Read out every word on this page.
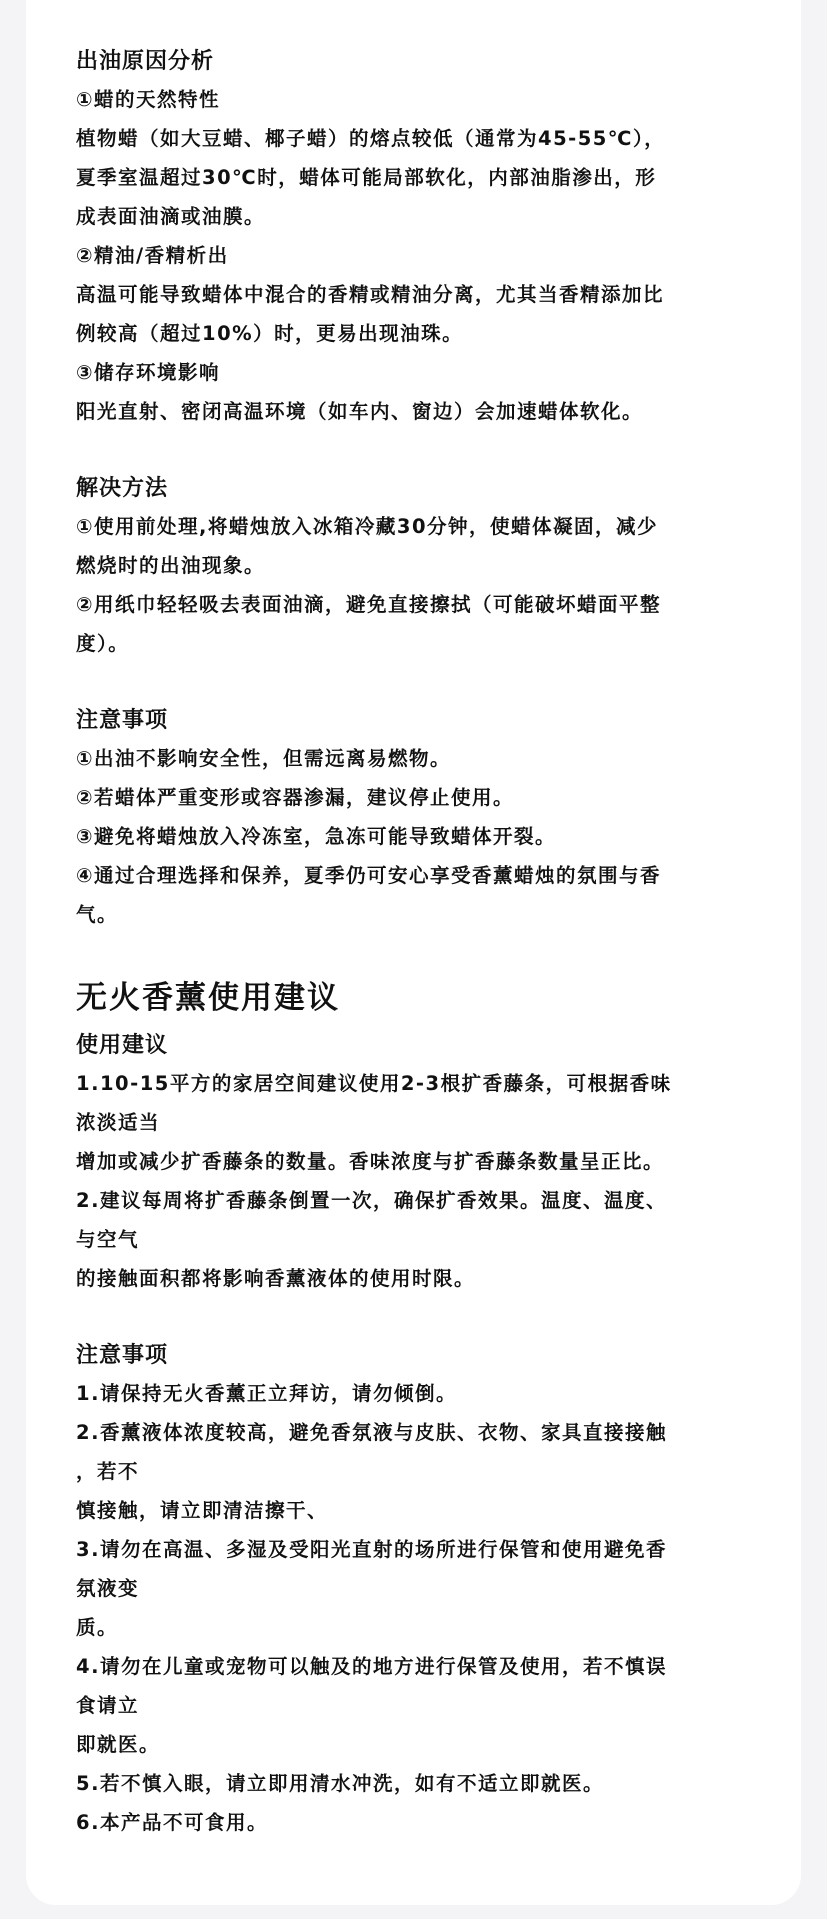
出油原因分析

①蜡的天然特性

植物蜡（如大豆蜡、椰子蜡）的熔点较低（通常为45-55℃），

夏季室温超过30℃时，蜡体可能局部软化，内部油脂渗出，形

成表面油滴或油膜。

②精油/香精析出

高温可能导致蜡体中混合的香精或精油分离，尤其当香精添加比

例较高（超过10%）时，更易出现油珠。

③储存环境影响

阳光直射、密闭高温环境（如车内、窗边）会加速蜡体软化。

解决方法

①使用前处理,将蜡烛放入冰箱冷藏30分钟，使蜡体凝固，减少

燃烧时的出油现象。

②用纸巾轻轻吸去表面油滴，避免直接擦拭（可能破坏蜡面平整

度）。

注意事项

①出油不影响安全性，但需远离易燃物。

②若蜡体严重变形或容器渗漏，建议停止使用。

③避免将蜡烛放入冷冻室，急冻可能导致蜡体开裂。

④通过合理选择和保养，夏季仍可安心享受香薰蜡烛的氛围与香

气。

无火香薰使用建议

使用建议

1.10-15平方的家居空间建议使用2-3根扩香藤条，可根据香味

浓淡适当

增加或减少扩香藤条的数量。香味浓度与扩香藤条数量呈正比。

2.建议每周将扩香藤条倒置一次，确保扩香效果。温度、温度、

与空气

的接触面积都将影响香薰液体的使用时限。

注意事项

1.请保持无火香薰正立拜访，请勿倾倒。

2.香薰液体浓度较高，避免香氛液与皮肤、衣物、家具直接接触

，若不

慎接触，请立即清洁擦干、

3.请勿在高温、多湿及受阳光直射的场所进行保管和使用避免香

氛液变

质。

4.请勿在儿童或宠物可以触及的地方进行保管及使用，若不慎误

食请立

即就医。

5.若不慎入眼，请立即用清水冲洗，如有不适立即就医。

6.本产品不可食用。
